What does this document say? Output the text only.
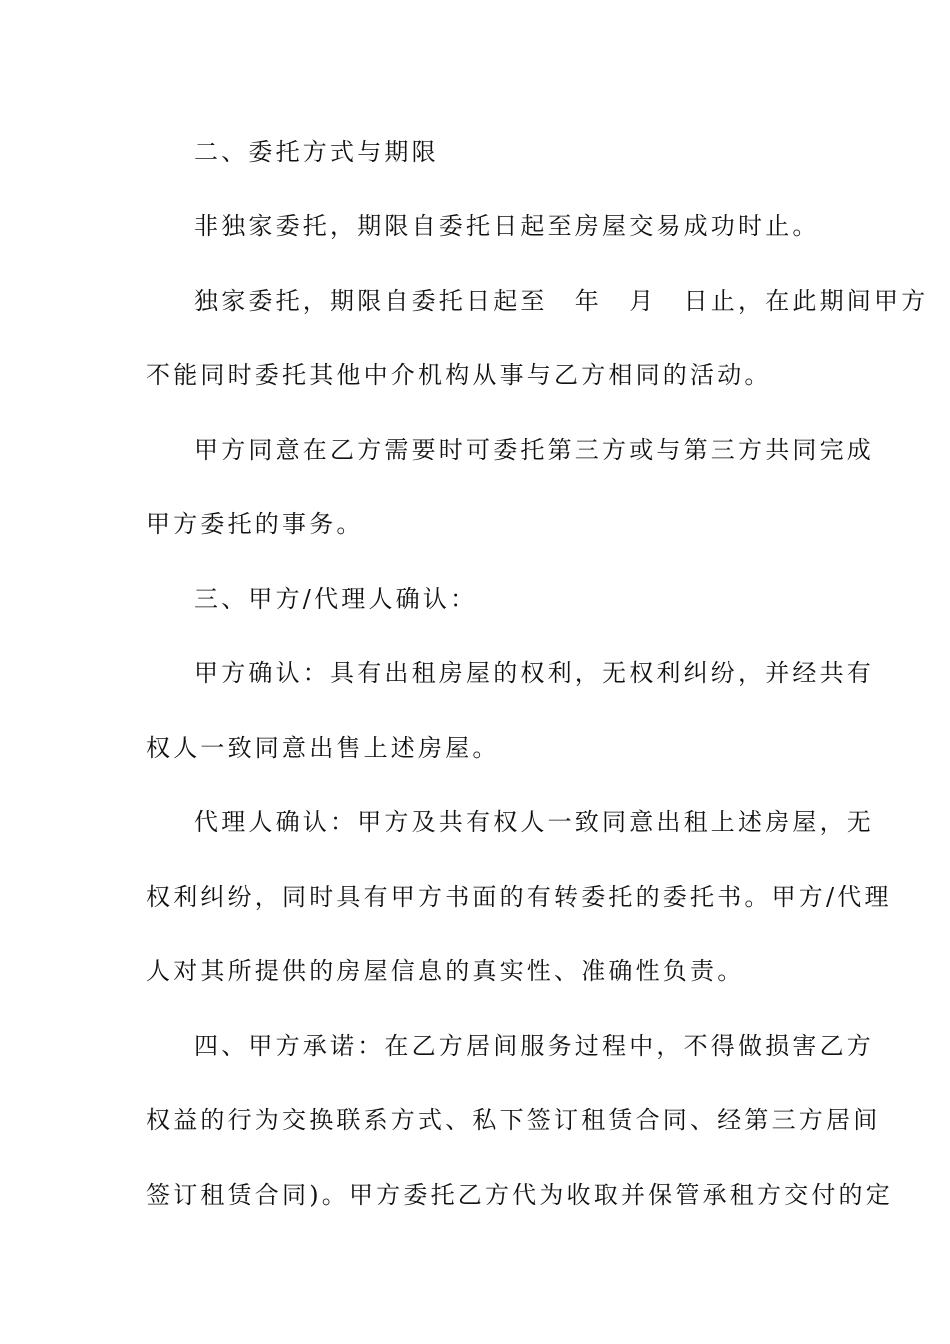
二、委托方式与期限
非独家委托，期限自委托日起至房屋交易成功时止。
独家委托，期限自委托日起至　年　月　日止，在此期间甲方
不能同时委托其他中介机构从事与乙方相同的活动。
甲方同意在乙方需要时可委托第三方或与第三方共同完成
甲方委托的事务。
三、甲方/代理人确认：
甲方确认：具有出租房屋的权利，无权利纠纷，并经共有
权人一致同意出售上述房屋。
代理人确认：甲方及共有权人一致同意出租上述房屋，无
权利纠纷，同时具有甲方书面的有转委托的委托书。甲方/代理
人对其所提供的房屋信息的真实性、准确性负责。
四、甲方承诺：在乙方居间服务过程中，不得做损害乙方
权益的行为交换联系方式、私下签订租赁合同、经第三方居间
签订租赁合同)。甲方委托乙方代为收取并保管承租方交付的定
